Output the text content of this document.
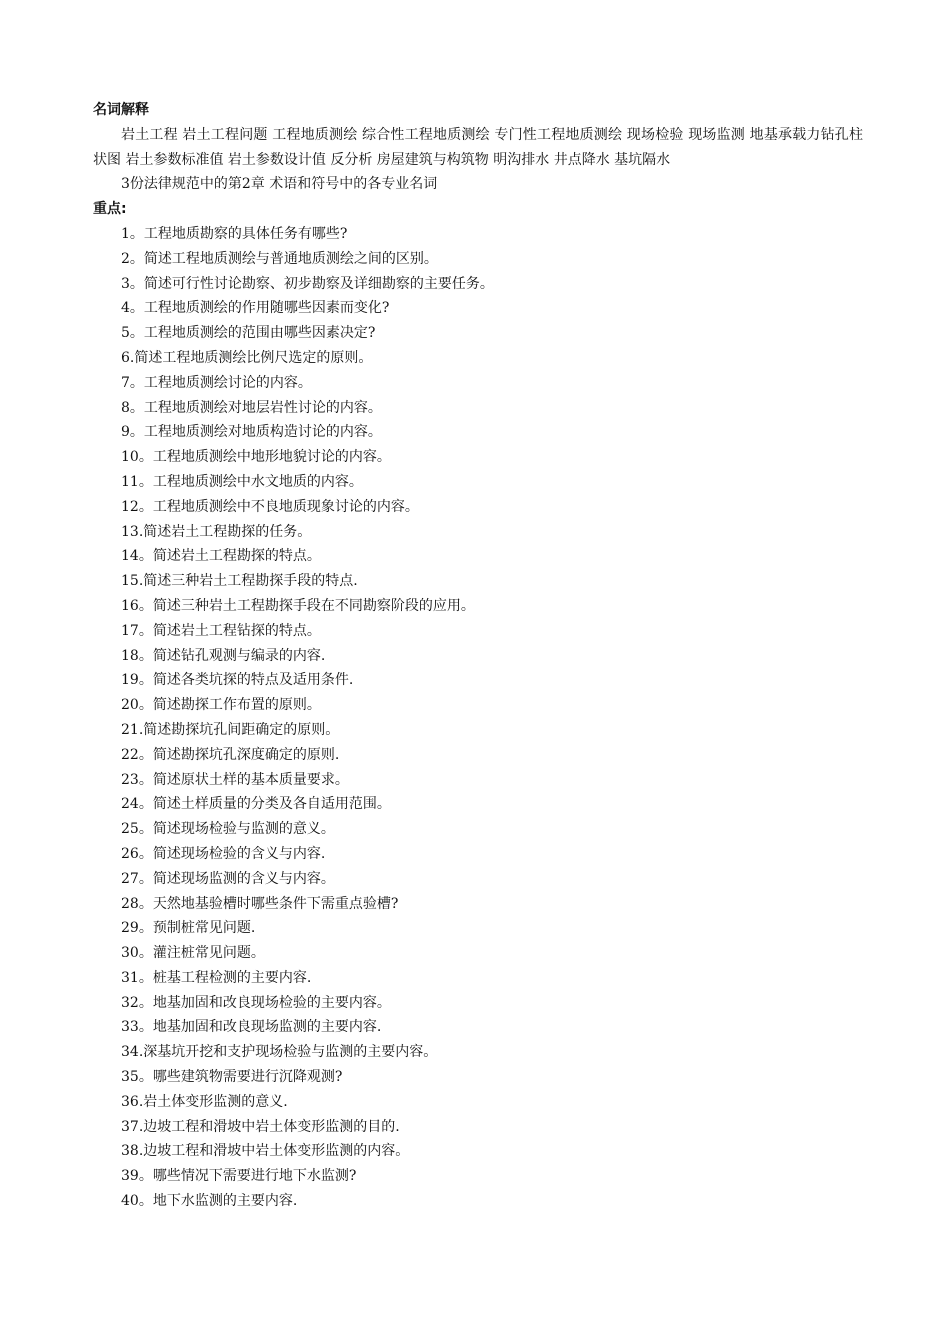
名词解释

岩土工程 岩土工程问题 工程地质测绘 综合性工程地质测绘 专门性工程地质测绘 现场检验 现场监测 地基承载力钻孔柱状图 岩土参数标准值 岩土参数设计值 反分析 房屋建筑与构筑物 明沟排水 井点降水 基坑隔水

3份法律规范中的第2章 术语和符号中的各专业名词
重点:
1。工程地质勘察的具体任务有哪些?
2。简述工程地质测绘与普通地质测绘之间的区别。
3。简述可行性讨论勘察、初步勘察及详细勘察的主要任务。
4。工程地质测绘的作用随哪些因素而变化?
5。工程地质测绘的范围由哪些因素决定?
6.简述工程地质测绘比例尺选定的原则。
7。工程地质测绘讨论的内容。
8。工程地质测绘对地层岩性讨论的内容。
9。工程地质测绘对地质构造讨论的内容。
10。工程地质测绘中地形地貌讨论的内容。
11。工程地质测绘中水文地质的内容。
12。工程地质测绘中不良地质现象讨论的内容。
13.简述岩土工程勘探的任务。
14。简述岩土工程勘探的特点。
15.简述三种岩土工程勘探手段的特点.
16。简述三种岩土工程勘探手段在不同勘察阶段的应用。
17。简述岩土工程钻探的特点。
18。简述钻孔观测与编录的内容.
19。简述各类坑探的特点及适用条件.
20。简述勘探工作布置的原则。
21.简述勘探坑孔间距确定的原则。
22。简述勘探坑孔深度确定的原则.
23。简述原状土样的基本质量要求。
24。简述土样质量的分类及各自适用范围。
25。简述现场检验与监测的意义。
26。简述现场检验的含义与内容.
27。简述现场监测的含义与内容。
28。天然地基验槽时哪些条件下需重点验槽?
29。预制桩常见问题.
30。灌注桩常见问题。
31。桩基工程检测的主要内容.
32。地基加固和改良现场检验的主要内容。
33。地基加固和改良现场监测的主要内容.
34.深基坑开挖和支护现场检验与监测的主要内容。
35。哪些建筑物需要进行沉降观测?
36.岩土体变形监测的意义.
37.边坡工程和滑坡中岩土体变形监测的目的.
38.边坡工程和滑坡中岩土体变形监测的内容。
39。哪些情况下需要进行地下水监测?
40。地下水监测的主要内容.
